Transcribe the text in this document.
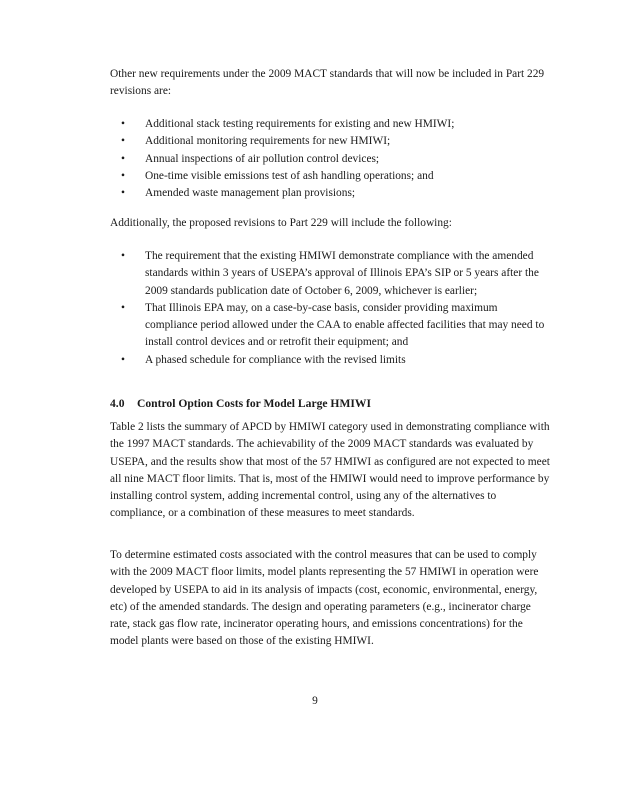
Other new requirements under the 2009 MACT standards that will now be included in Part 229 revisions are:

• Additional stack testing requirements for existing and new HMIWI;
• Additional monitoring requirements for new HMIWI;
• Annual inspections of air pollution control devices;
• One-time visible emissions test of ash handling operations; and
• Amended waste management plan provisions;

Additionally, the proposed revisions to Part 229 will include the following:

• The requirement that the existing HMIWI demonstrate compliance with the amended standards within 3 years of USEPA’s approval of Illinois EPA’s SIP or 5 years after the 2009 standards publication date of October 6, 2009, whichever is earlier;
• That Illinois EPA may, on a case-by-case basis, consider providing maximum compliance period allowed under the CAA to enable affected facilities that may need to install control devices and or retrofit their equipment; and
• A phased schedule for compliance with the revised limits
4.0 Control Option Costs for Model Large HMIWI

Table 2 lists the summary of APCD by HMIWI category used in demonstrating compliance with the 1997 MACT standards. The achievability of the 2009 MACT standards was evaluated by USEPA, and the results show that most of the 57 HMIWI as configured are not expected to meet all nine MACT floor limits. That is, most of the HMIWI would need to improve performance by installing control system, adding incremental control, using any of the alternatives to compliance, or a combination of these measures to meet standards.

To determine estimated costs associated with the control measures that can be used to comply with the 2009 MACT floor limits, model plants representing the 57 HMIWI in operation were developed by USEPA to aid in its analysis of impacts (cost, economic, environmental, energy, etc) of the amended standards. The design and operating parameters (e.g., incinerator charge rate, stack gas flow rate, incinerator operating hours, and emissions concentrations) for the model plants were based on those of the existing HMIWI.

9
